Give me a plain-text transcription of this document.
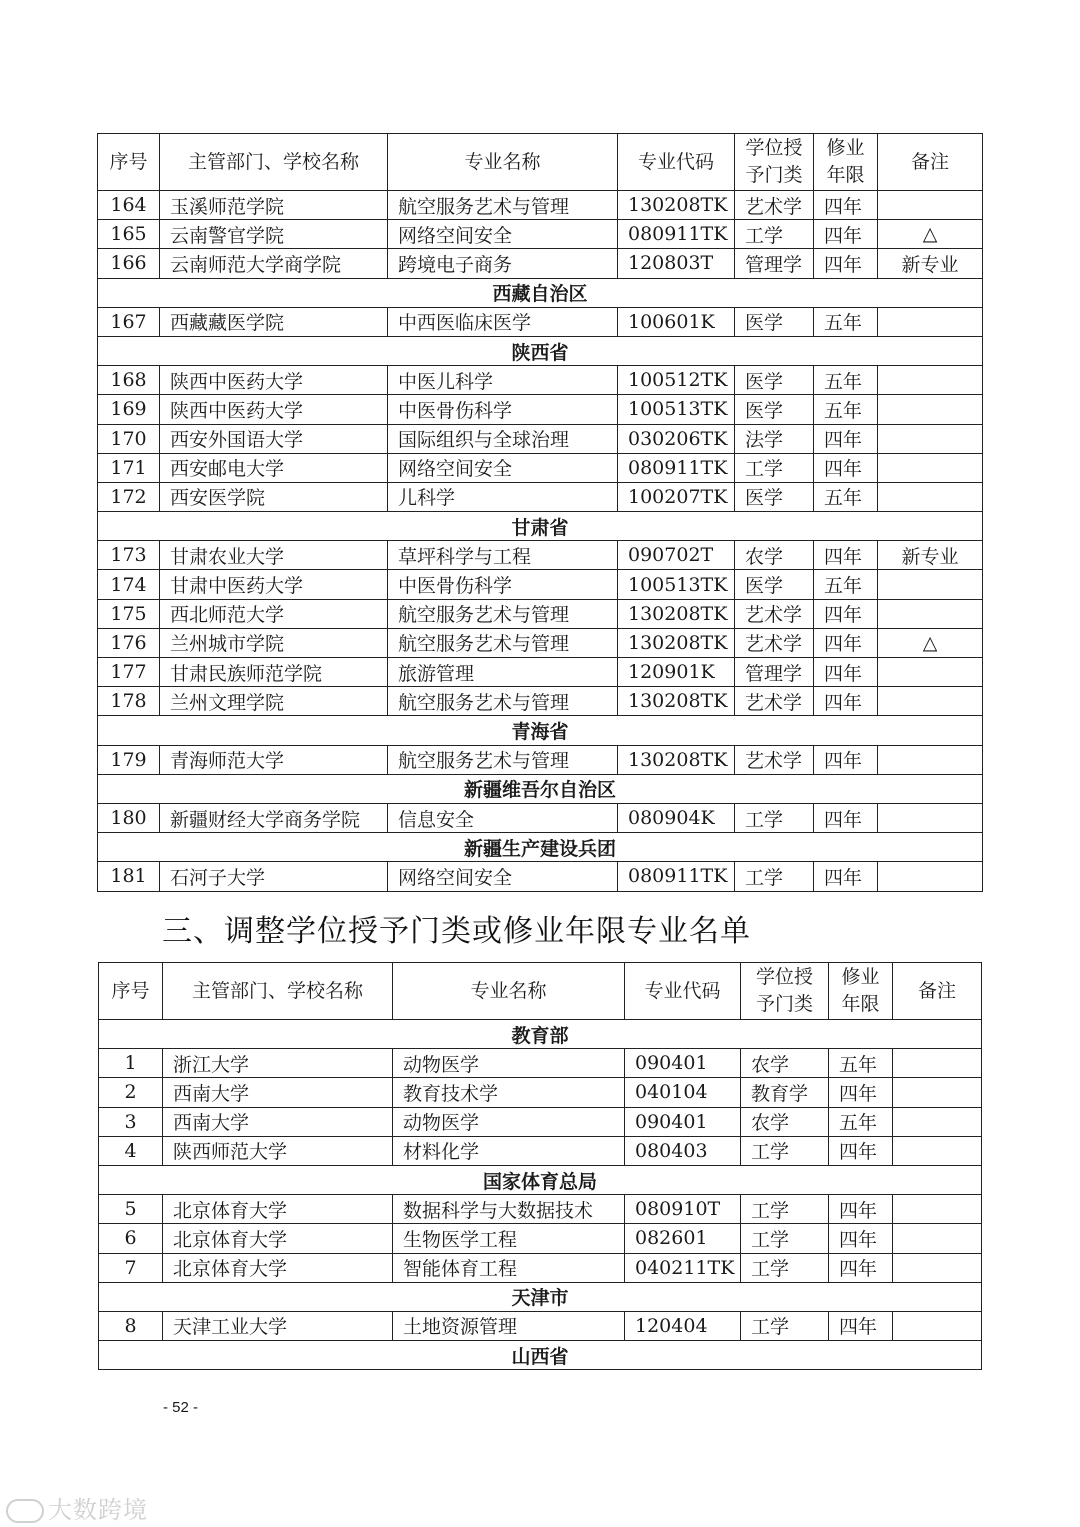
序号	主管部门、学校名称	专业名称	专业代码	学位授予门类	修业年限	备注
164	玉溪师范学院	航空服务艺术与管理	130208TK	艺术学	四年	
165	云南警官学院	网络空间安全	080911TK	工学	四年	△
166	云南师范大学商学院	跨境电子商务	120803T	管理学	四年	新专业
西藏自治区						
167	西藏藏医学院	中西医临床医学	100601K	医学	五年	
陕西省						
168	陕西中医药大学	中医儿科学	100512TK	医学	五年	
169	陕西中医药大学	中医骨伤科学	100513TK	医学	五年	
170	西安外国语大学	国际组织与全球治理	030206TK	法学	四年	
171	西安邮电大学	网络空间安全	080911TK	工学	四年	
172	西安医学院	儿科学	100207TK	医学	五年	
甘肃省						
173	甘肃农业大学	草坪科学与工程	090702T	农学	四年	新专业
174	甘肃中医药大学	中医骨伤科学	100513TK	医学	五年	
175	西北师范大学	航空服务艺术与管理	130208TK	艺术学	四年	
176	兰州城市学院	航空服务艺术与管理	130208TK	艺术学	四年	△
177	甘肃民族师范学院	旅游管理	120901K	管理学	四年	
178	兰州文理学院	航空服务艺术与管理	130208TK	艺术学	四年	
青海省						
179	青海师范大学	航空服务艺术与管理	130208TK	艺术学	四年	
新疆维吾尔自治区						
180	新疆财经大学商务学院	信息安全	080904K	工学	四年	
新疆生产建设兵团						
181	石河子大学	网络空间安全	080911TK	工学	四年	
三、调整学位授予门类或修业年限专业名单
序号	主管部门、学校名称	专业名称	专业代码	学位授予门类	修业年限	备注
教育部						
1	浙江大学	动物医学	090401	农学	五年	
2	西南大学	教育技术学	040104	教育学	四年	
3	西南大学	动物医学	090401	农学	五年	
4	陕西师范大学	材料化学	080403	工学	四年	
国家体育总局						
5	北京体育大学	数据科学与大数据技术	080910T	工学	四年	
6	北京体育大学	生物医学工程	082601	工学	四年	
7	北京体育大学	智能体育工程	040211TK	工学	四年	
天津市						
8	天津工业大学	土地资源管理	120404	工学	四年	
山西省						
- 52 -
大数跨境
